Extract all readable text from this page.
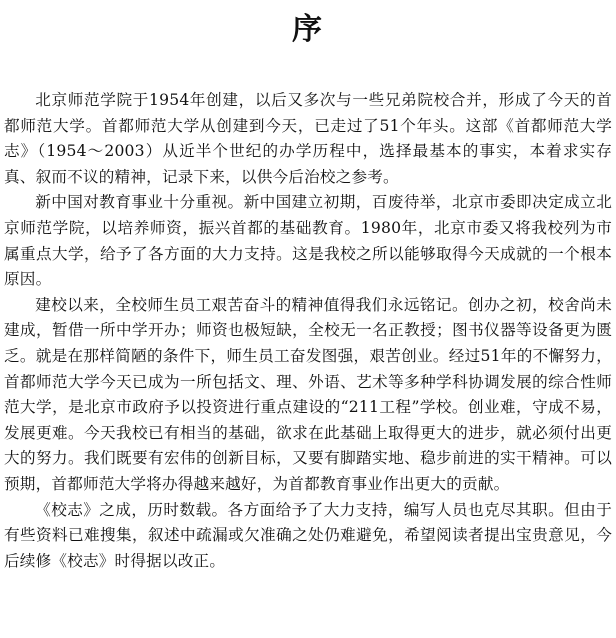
序

北京师范学院于1954年创建，以后又多次与一些兄弟院校合并，形成了今天的首都师范大学。首都师范大学从创建到今天，已走过了51个年头。这部《首都师范大学志》（1954～2003）从近半个世纪的办学历程中，选择最基本的事实，本着求实存真、叙而不议的精神，记录下来，以供今后治校之参考。

新中国对教育事业十分重视。新中国建立初期，百废待举，北京市委即决定成立北京师范学院，以培养师资，振兴首都的基础教育。1980年，北京市委又将我校列为市属重点大学，给予了各方面的大力支持。这是我校之所以能够取得今天成就的一个根本原因。

建校以来，全校师生员工艰苦奋斗的精神值得我们永远铭记。创办之初，校舍尚未建成，暂借一所中学开办；师资也极短缺，全校无一名正教授；图书仪器等设备更为匮乏。就是在那样简陋的条件下，师生员工奋发图强，艰苦创业。经过51年的不懈努力，首都师范大学今天已成为一所包括文、理、外语、艺术等多种学科协调发展的综合性师范大学，是北京市政府予以投资进行重点建设的“211工程”学校。创业难，守成不易，发展更难。今天我校已有相当的基础，欲求在此基础上取得更大的进步，就必须付出更大的努力。我们既要有宏伟的创新目标，又要有脚踏实地、稳步前进的实干精神。可以预期，首都师范大学将办得越来越好，为首都教育事业作出更大的贡献。

《校志》之成，历时数载。各方面给予了大力支持，编写人员也克尽其职。但由于有些资料已难搜集，叙述中疏漏或欠准确之处仍难避免，希望阅读者提出宝贵意见，今后续修《校志》时得据以改正。
